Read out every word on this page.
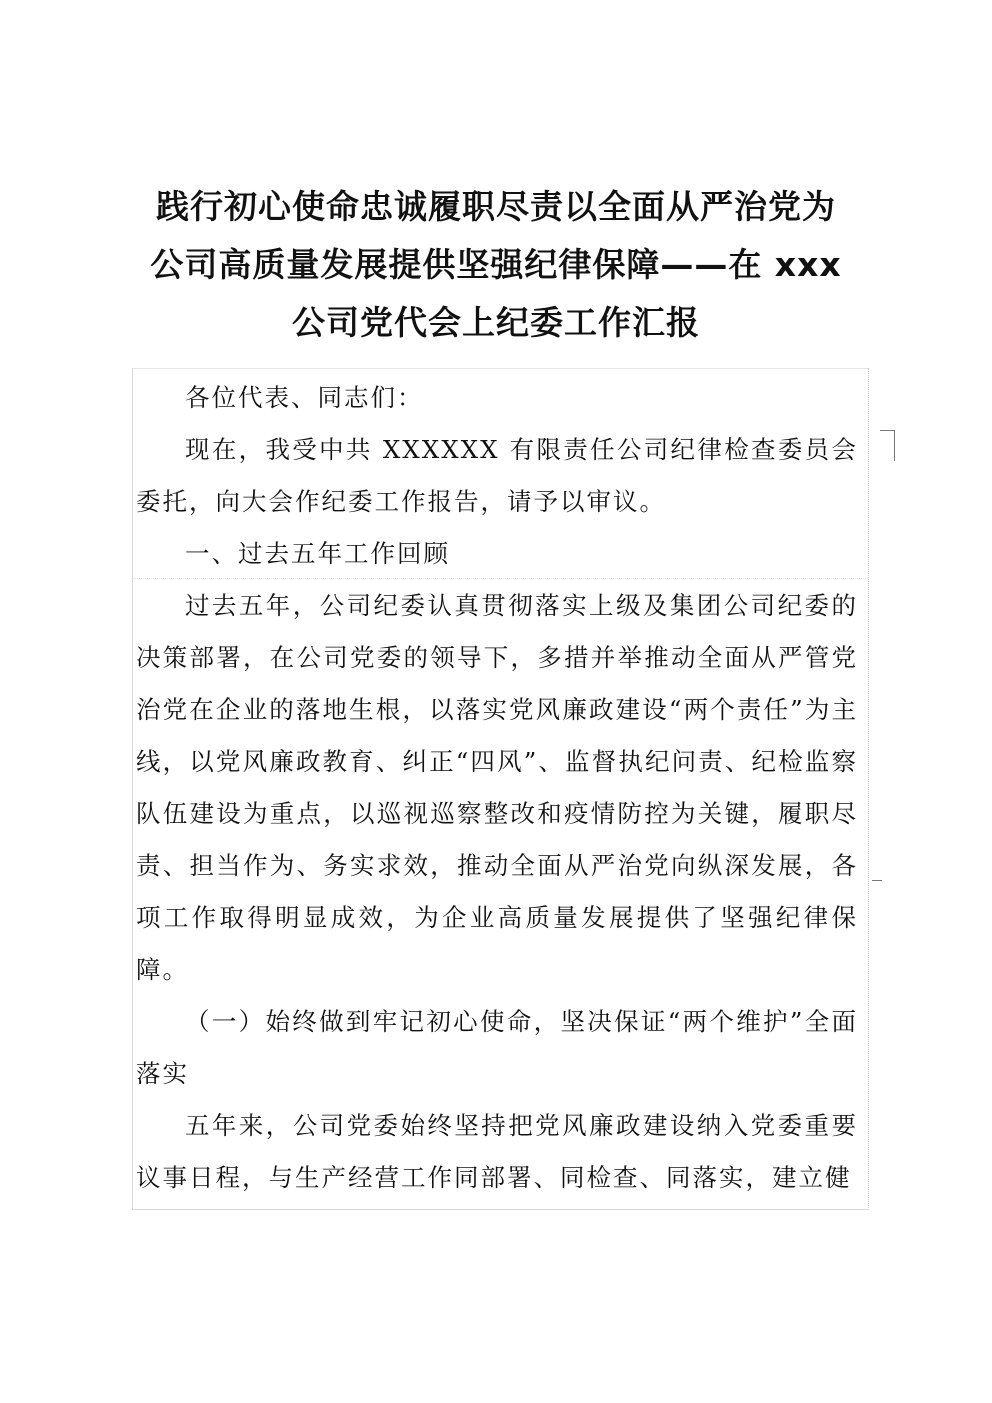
践行初心使命忠诚履职尽责以全面从严治党为
公司高质量发展提供坚强纪律保障——在 xxx
公司党代会上纪委工作汇报

各位代表、同志们：

现在，我受中共 XXXXXX 有限责任公司纪律检查委员会委托，向大会作纪委工作报告，请予以审议。

一、过去五年工作回顾

过去五年，公司纪委认真贯彻落实上级及集团公司纪委的决策部署，在公司党委的领导下，多措并举推动全面从严管党治党在企业的落地生根，以落实党风廉政建设“两个责任”为主线，以党风廉政教育、纠正“四风”、监督执纪问责、纪检监察队伍建设为重点，以巡视巡察整改和疫情防控为关键，履职尽责、担当作为、务实求效，推动全面从严治党向纵深发展，各项工作取得明显成效，为企业高质量发展提供了坚强纪律保障。

（一）始终做到牢记初心使命，坚决保证“两个维护”全面落实

五年来，公司党委始终坚持把党风廉政建设纳入党委重要议事日程，与生产经营工作同部署、同检查、同落实，建立健
